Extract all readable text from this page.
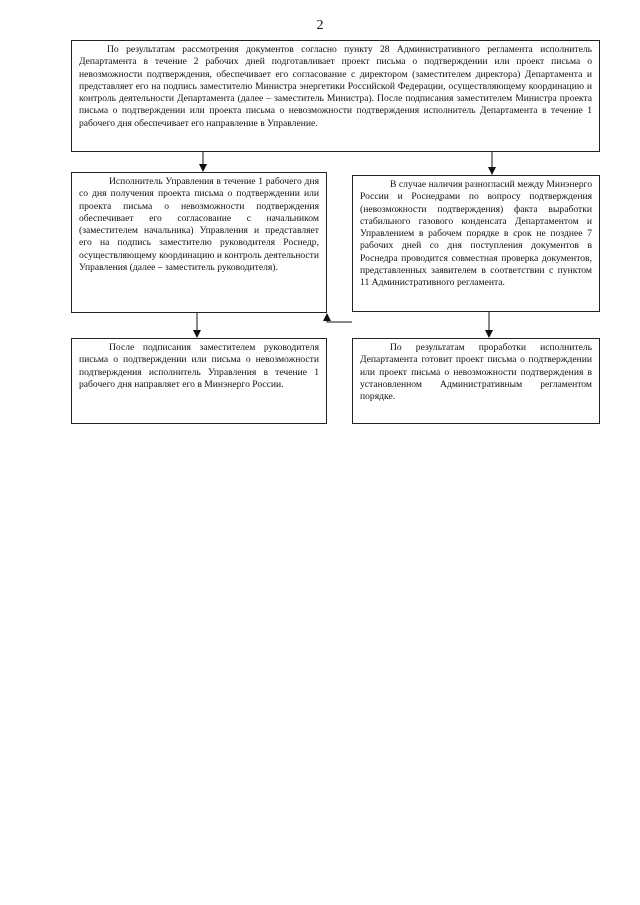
2

По результатам рассмотрения документов согласно пункту 28 Административного регламента исполнитель Департамента в течение 2 рабочих дней подготавливает проект письма о подтверждении или проект письма о невозможности подтверждения, обеспечивает его согласование с директором (заместителем директора) Департамента и представляет его на подпись заместителю Министра энергетики Российской Федерации, осуществляющему координацию и контроль деятельности Департамента (далее – заместитель Министра). После подписания заместителем Министра проекта письма о подтверждении или проекта письма о невозможности подтверждения исполнитель Департамента в течение 1 рабочего дня обеспечивает его направление в Управление.

Исполнитель Управления в течение 1 рабочего дня со дня получения проекта письма о подтверждении или проекта письма о невозможности подтверждения обеспечивает его согласование с начальником (заместителем начальника) Управления и представляет его на подпись заместителю руководителя Роснедр, осуществляющему координацию и контроль деятельности Управления (далее – заместитель руководителя).

В случае наличия разногласий между Минэнерго России и Роснедрами по вопросу подтверждения (невозможности подтверждения) факта выработки стабильного газового конденсата Департаментом и Управлением в рабочем порядке в срок не позднее 7 рабочих дней со дня поступления документов в Роснедра проводится совместная проверка документов, представленных заявителем в соответствии с пунктом 11 Административного регламента.

После подписания заместителем руководителя письма о подтверждении или письма о невозможности подтверждения исполнитель Управления в течение 1 рабочего дня направляет его в Минэнерго России.

По результатам проработки исполнитель Департамента готовит проект письма о подтверждении или проект письма о невозможности подтверждения в установленном Административным регламентом порядке.
